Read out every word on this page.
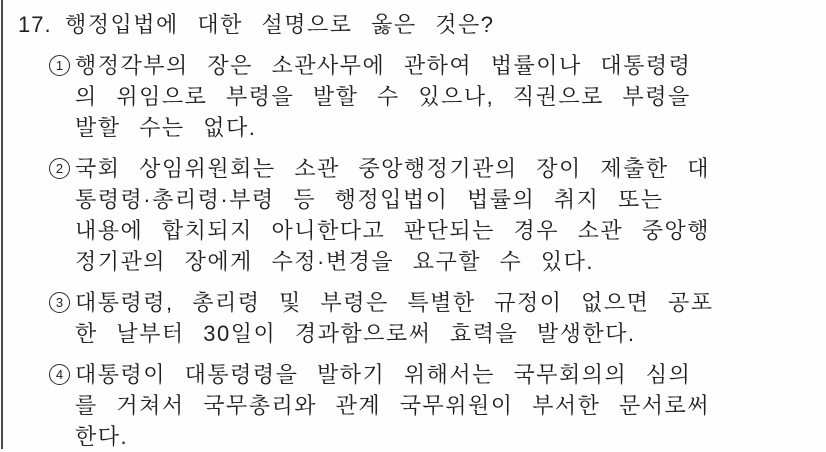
17. 행정입법에 대한 설명으로 옳은 것은?
1 행정각부의 장은 소관사무에 관하여 법률이나 대통령령
의 위임으로 부령을 발할 수 있으나, 직권으로 부령을
발할 수는 없다.
2 국회 상임위원회는 소관 중앙행정기관의 장이 제출한 대
통령령·총리령·부령 등 행정입법이 법률의 취지 또는
내용에 합치되지 아니한다고 판단되는 경우 소관 중앙행
정기관의 장에게 수정·변경을 요구할 수 있다.
3 대통령령, 총리령 및 부령은 특별한 규정이 없으면 공포
한 날부터 30일이 경과함으로써 효력을 발생한다.
4 대통령이 대통령령을 발하기 위해서는 국무회의의 심의
를 거쳐서 국무총리와 관계 국무위원이 부서한 문서로써
한다.
